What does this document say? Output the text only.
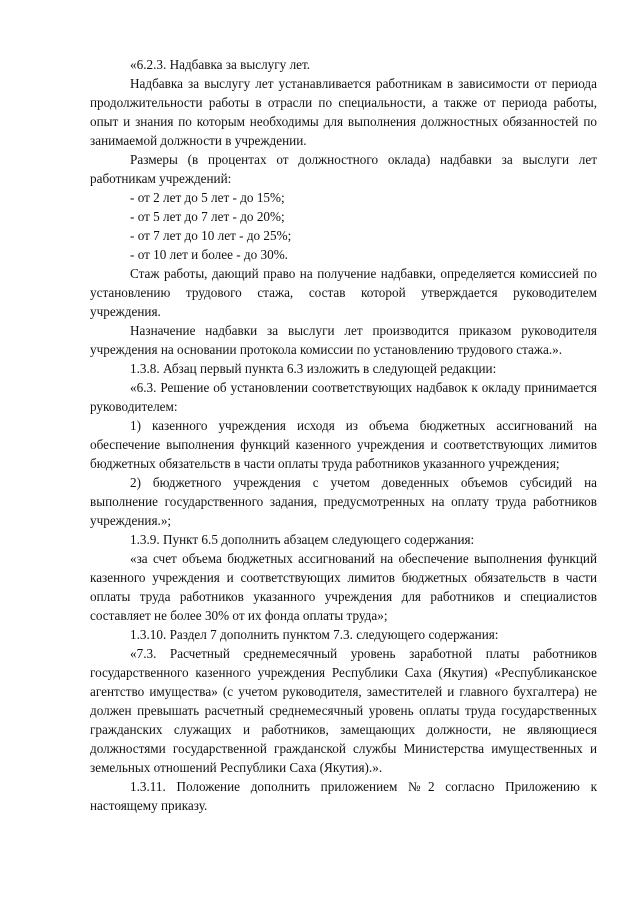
«6.2.3. Надбавка за выслугу лет.

Надбавка за выслугу лет устанавливается работникам в зависимости от периода продолжительности работы в отрасли по специальности, а также от периода работы, опыт и знания по которым необходимы для выполнения должностных обязанностей по занимаемой должности в учреждении.

Размеры (в процентах от должностного оклада) надбавки за выслуги лет работникам учреждений:

- от 2 лет до 5 лет - до 15%;

- от 5 лет до 7 лет - до 20%;

- от 7 лет до 10 лет - до 25%;

- от 10 лет и более - до 30%.

Стаж работы, дающий право на получение надбавки, определяется комиссией по установлению трудового стажа, состав которой утверждается руководителем учреждения.

Назначение надбавки за выслуги лет производится приказом руководителя учреждения на основании протокола комиссии по установлению трудового стажа.».

1.3.8. Абзац первый пункта 6.3 изложить в следующей редакции:

«6.3. Решение об установлении соответствующих надбавок к окладу принимается руководителем:

1) казенного учреждения исходя из объема бюджетных ассигнований на обеспечение выполнения функций казенного учреждения и соответствующих лимитов бюджетных обязательств в части оплаты труда работников указанного учреждения;

2) бюджетного учреждения с учетом доведенных объемов субсидий на выполнение государственного задания, предусмотренных на оплату труда работников учреждения.»;

1.3.9. Пункт 6.5 дополнить абзацем следующего содержания:

«за счет объема бюджетных ассигнований на обеспечение выполнения функций казенного учреждения и соответствующих лимитов бюджетных обязательств в части оплаты труда работников указанного учреждения для работников и специалистов составляет не более 30% от их фонда оплаты труда»;

1.3.10. Раздел 7 дополнить пунктом 7.3. следующего содержания:

«7.3. Расчетный среднемесячный уровень заработной платы работников государственного казенного учреждения Республики Саха (Якутия) «Республиканское агентство имущества» (с учетом руководителя, заместителей и главного бухгалтера) не должен превышать расчетный среднемесячный уровень оплаты труда государственных гражданских служащих и работников, замещающих должности, не являющиеся должностями государственной гражданской службы Министерства имущественных и земельных отношений Республики Саха (Якутия).».

1.3.11. Положение дополнить приложением №2 согласно Приложению к настоящему приказу.
